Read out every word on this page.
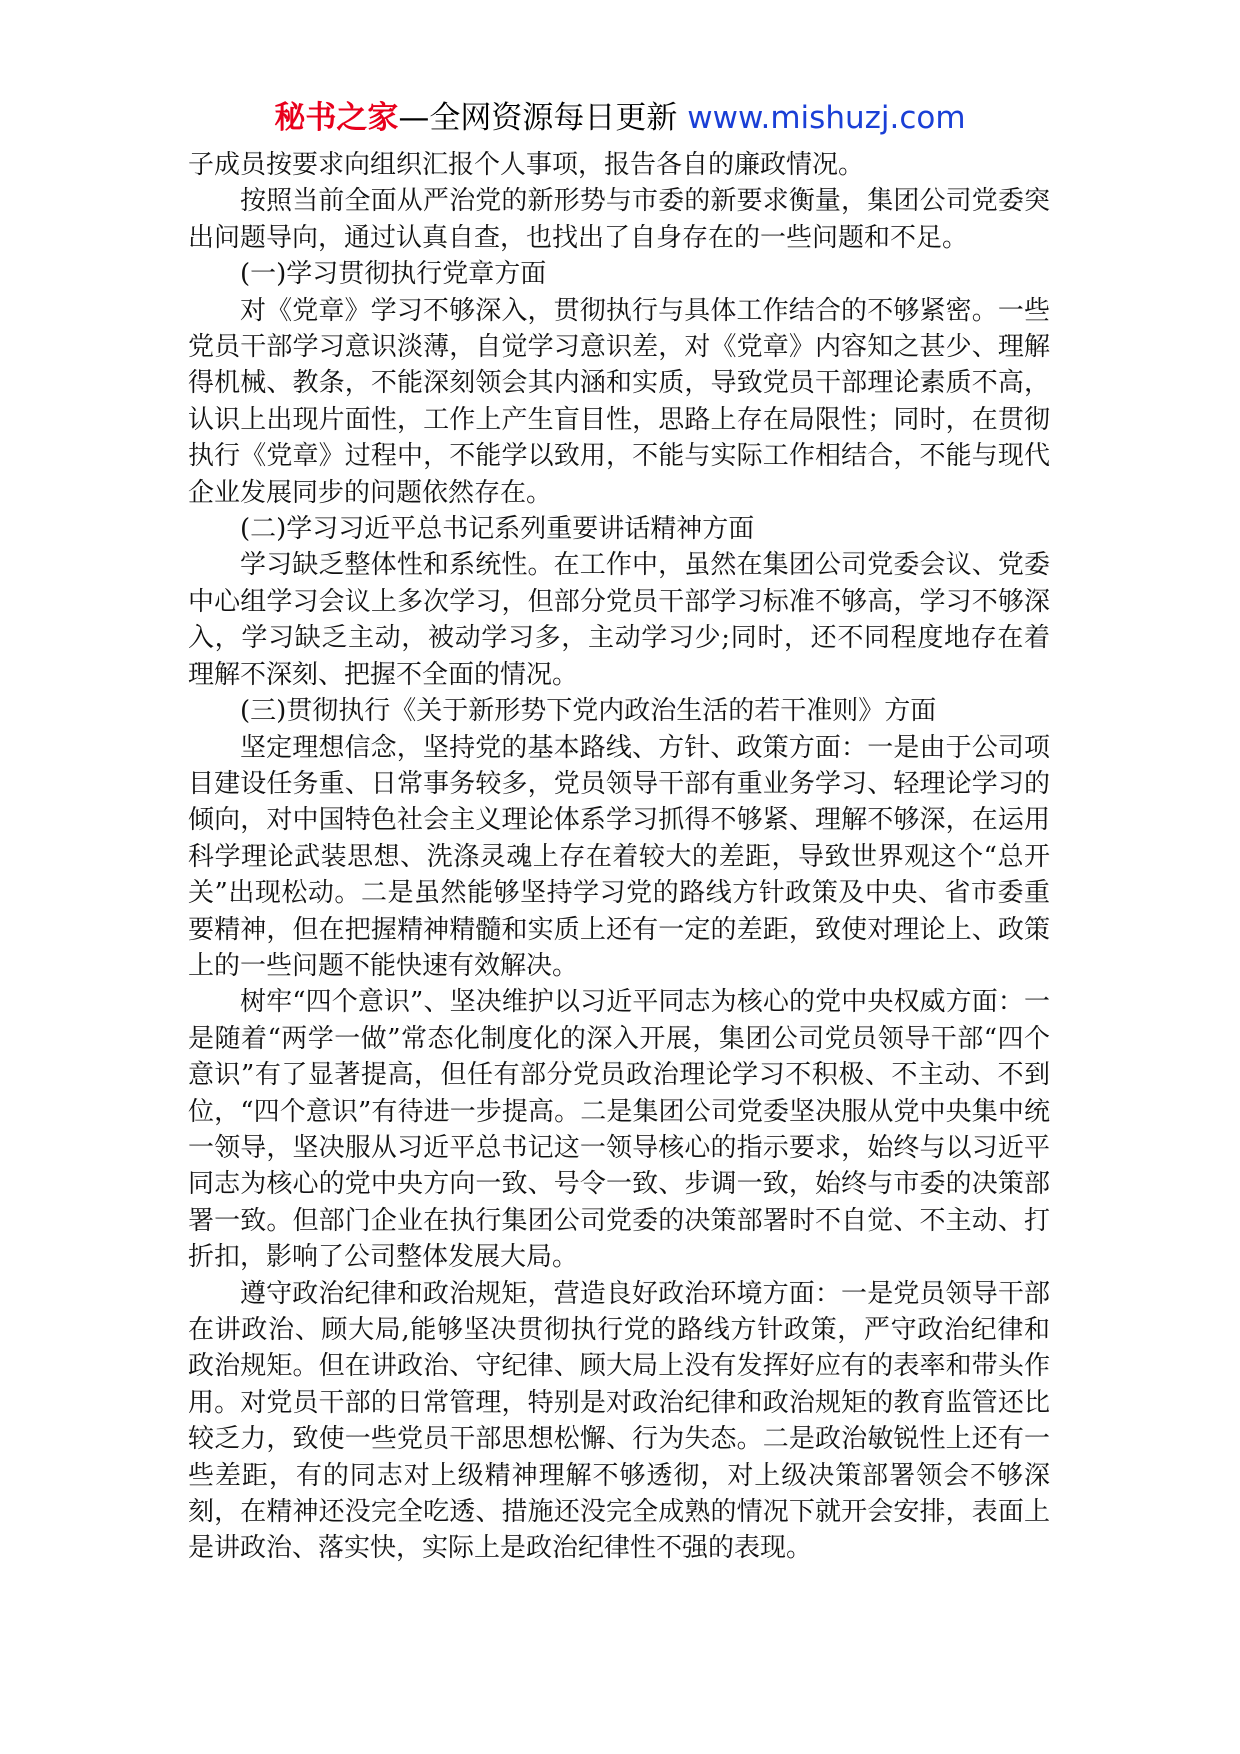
秘书之家—全网资源每日更新 www.mishuzj.com

子成员按要求向组织汇报个人事项，报告各自的廉政情况。

按照当前全面从严治党的新形势与市委的新要求衡量，集团公司党委突出问题导向，通过认真自查，也找出了自身存在的一些问题和不足。

(一)学习贯彻执行党章方面

对《党章》学习不够深入，贯彻执行与具体工作结合的不够紧密。一些党员干部学习意识淡薄，自觉学习意识差，对《党章》内容知之甚少、理解得机械、教条，不能深刻领会其内涵和实质，导致党员干部理论素质不高，认识上出现片面性，工作上产生盲目性，思路上存在局限性；同时，在贯彻执行《党章》过程中，不能学以致用，不能与实际工作相结合，不能与现代企业发展同步的问题依然存在。

(二)学习习近平总书记系列重要讲话精神方面

学习缺乏整体性和系统性。在工作中，虽然在集团公司党委会议、党委中心组学习会议上多次学习，但部分党员干部学习标准不够高，学习不够深入，学习缺乏主动，被动学习多，主动学习少;同时，还不同程度地存在着理解不深刻、把握不全面的情况。

(三)贯彻执行《关于新形势下党内政治生活的若干准则》方面

坚定理想信念，坚持党的基本路线、方针、政策方面：一是由于公司项目建设任务重、日常事务较多，党员领导干部有重业务学习、轻理论学习的倾向，对中国特色社会主义理论体系学习抓得不够紧、理解不够深，在运用科学理论武装思想、洗涤灵魂上存在着较大的差距，导致世界观这个“总开关”出现松动。二是虽然能够坚持学习党的路线方针政策及中央、省市委重要精神，但在把握精神精髓和实质上还有一定的差距，致使对理论上、政策上的一些问题不能快速有效解决。

树牢“四个意识”、坚决维护以习近平同志为核心的党中央权威方面：一是随着“两学一做”常态化制度化的深入开展，集团公司党员领导干部“四个意识”有了显著提高，但任有部分党员政治理论学习不积极、不主动、不到位，“四个意识”有待进一步提高。二是集团公司党委坚决服从党中央集中统一领导，坚决服从习近平总书记这一领导核心的指示要求，始终与以习近平同志为核心的党中央方向一致、号令一致、步调一致，始终与市委的决策部署一致。但部门企业在执行集团公司党委的决策部署时不自觉、不主动、打折扣，影响了公司整体发展大局。

遵守政治纪律和政治规矩，营造良好政治环境方面：一是党员领导干部在讲政治、顾大局,能够坚决贯彻执行党的路线方针政策，严守政治纪律和政治规矩。但在讲政治、守纪律、顾大局上没有发挥好应有的表率和带头作用。对党员干部的日常管理，特别是对政治纪律和政治规矩的教育监管还比较乏力，致使一些党员干部思想松懈、行为失态。二是政治敏锐性上还有一些差距，有的同志对上级精神理解不够透彻，对上级决策部署领会不够深刻，在精神还没完全吃透、措施还没完全成熟的情况下就开会安排，表面上是讲政治、落实快，实际上是政治纪律性不强的表现。
